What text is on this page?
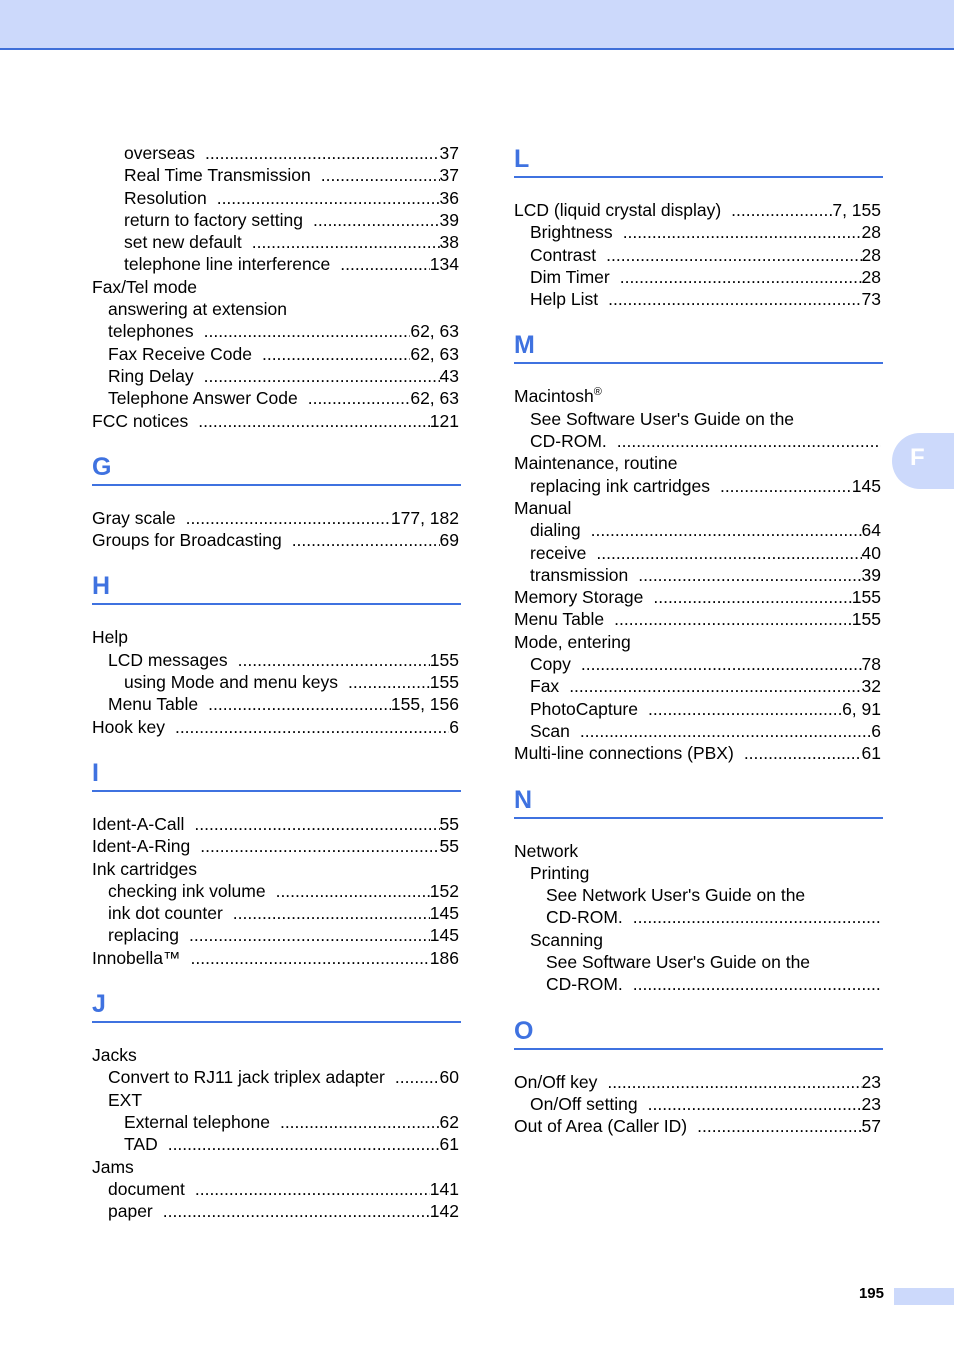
overseas .....	37
Real Time Transmission .....	37
Resolution .....	36
return to factory setting .....	39
set new default .....	38
telephone line interference .....	134
Fax/Tel mode
answering at extension
telephones .....	62, 63
Fax Receive Code .....	62, 63
Ring Delay .....	43
Telephone Answer Code .....	62, 63
FCC notices .....	121
G
Gray scale .....	177, 182
Groups for Broadcasting .....	69
H
Help
LCD messages .....	155
using Mode and menu keys .....	155
Menu Table .....	155, 156
Hook key .....	6
I
Ident-A-Call .....	55
Ident-A-Ring .....	55
Ink cartridges
checking ink volume .....	152
ink dot counter .....	145
replacing .....	145
Innobella™ .....	186
J
Jacks
Convert to RJ11 jack triplex adapter .....	60
EXT
External telephone .....	62
TAD .....	61
Jams
document .....	141
paper .....	142
L
LCD (liquid crystal display) .....	7, 155
Brightness .....	28
Contrast .....	28
Dim Timer .....	28
Help List .....	73
M
Macintosh®
See Software User's Guide on the
CD-ROM.
.....
Maintenance, routine
replacing ink cartridges .....	145
Manual
dialing .....	64
receive .....	40
transmission .....	39
Memory Storage .....	155
Menu Table .....	155
Mode, entering
Copy .....	78
Fax .....	32
PhotoCapture .....	6, 91
Scan .....	6
Multi-line connections (PBX) .....	61
N
Network
Printing
See Network User's Guide on the
CD-ROM.
.....
Scanning
See Software User's Guide on the
CD-ROM.
.....
O
On/Off key .....	23
On/Off setting .....	23
Out of Area (Caller ID) .....	57
F
195
